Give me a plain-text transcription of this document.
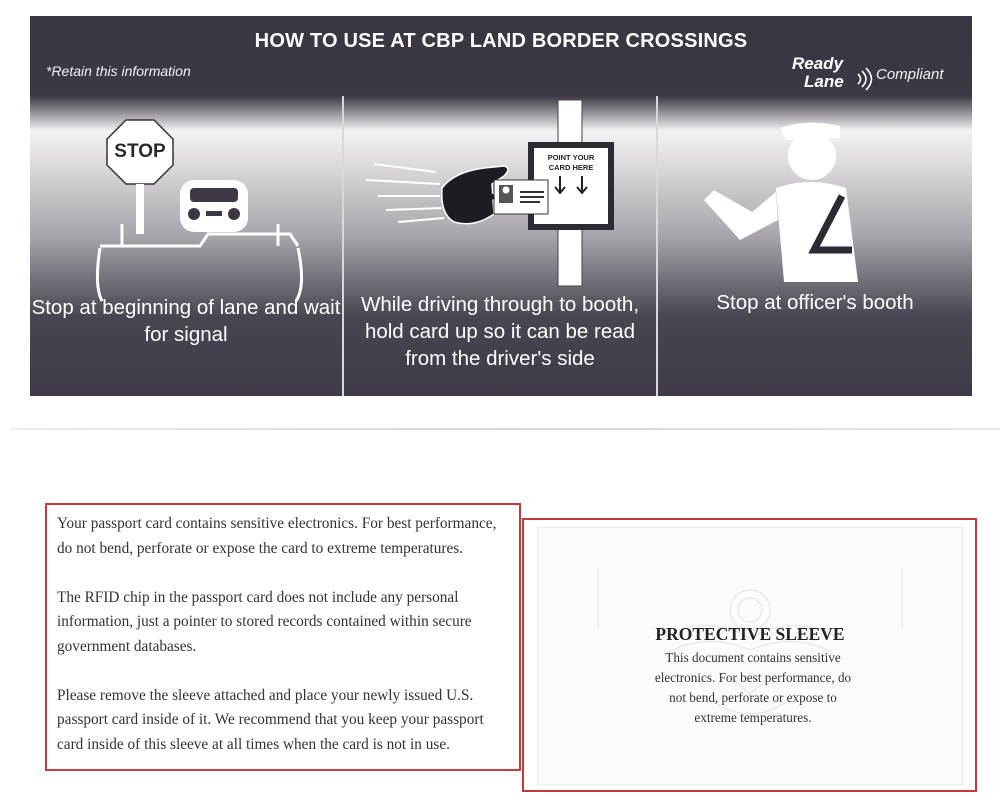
HOW TO USE AT CBP LAND BORDER CROSSINGS
*Retain this information	Ready
Lane Compliant
STOP
Stop at beginning of lane and wait for signal
POINT YOUR
CARD HERE
While driving through to booth, hold card up so it can be read from the driver's side
Stop at officer's booth

Your passport card contains sensitive electronics. For best performance, do not bend, perforate or expose the card to extreme temperatures.

The RFID chip in the passport card does not include any personal information, just a pointer to stored records contained within secure government databases.

Please remove the sleeve attached and place your newly issued U.S. passport card inside of it. We recommend that you keep your passport card inside of this sleeve at all times when the card is not in use.

PROTECTIVE SLEEVE
This document contains sensitive electronics. For best performance, do not bend, perforate or expose to extreme temperatures.
